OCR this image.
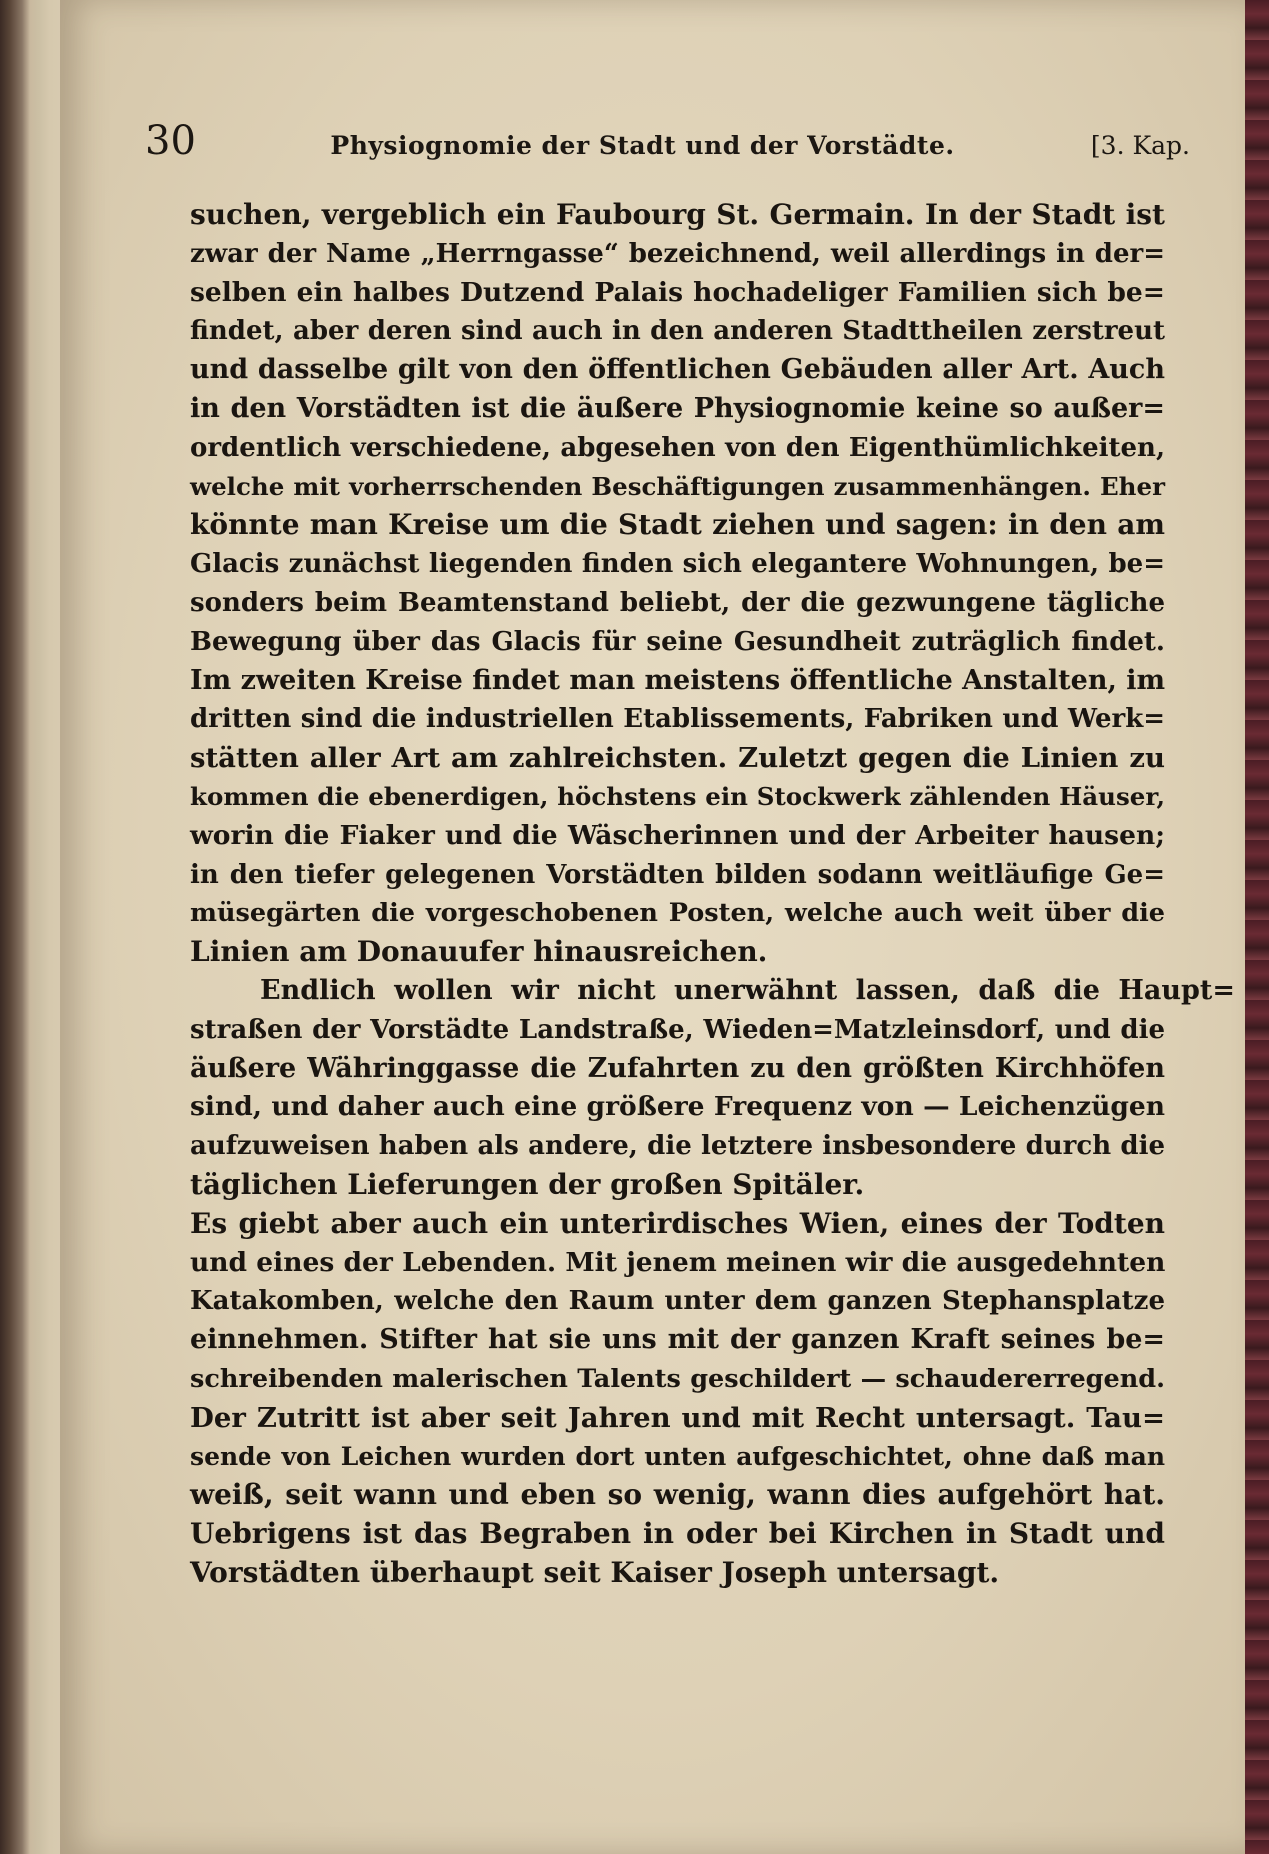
30	Physiognomie der Stadt und der Vorstädte.	[3. Kap.

suchen, vergeblich ein Faubourg St. Germain. In der Stadt ist
zwar der Name „Herrngasse“ bezeichnend, weil allerdings in der=
selben ein halbes Dutzend Palais hochadeliger Familien sich be=
findet, aber deren sind auch in den anderen Stadttheilen zerstreut
und dasselbe gilt von den öffentlichen Gebäuden aller Art. Auch
in den Vorstädten ist die äußere Physiognomie keine so außer=
ordentlich verschiedene, abgesehen von den Eigenthümlichkeiten,
welche mit vorherrschenden Beschäftigungen zusammenhängen. Eher
könnte man Kreise um die Stadt ziehen und sagen: in den am
Glacis zunächst liegenden finden sich elegantere Wohnungen, be=
sonders beim Beamtenstand beliebt, der die gezwungene tägliche
Bewegung über das Glacis für seine Gesundheit zuträglich findet.
Im zweiten Kreise findet man meistens öffentliche Anstalten, im
dritten sind die industriellen Etablissements, Fabriken und Werk=
stätten aller Art am zahlreichsten. Zuletzt gegen die Linien zu
kommen die ebenerdigen, höchstens ein Stockwerk zählenden Häuser,
worin die Fiaker und die Wäscherinnen und der Arbeiter hausen;
in den tiefer gelegenen Vorstädten bilden sodann weitläufige Ge=
müsegärten die vorgeschobenen Posten, welche auch weit über die
Linien am Donauufer hinausreichen.

Endlich wollen wir nicht unerwähnt lassen, daß die Haupt=
straßen der Vorstädte Landstraße, Wieden=Matzleinsdorf, und die
äußere Währinggasse die Zufahrten zu den größten Kirchhöfen
sind, und daher auch eine größere Frequenz von — Leichenzügen
aufzuweisen haben als andere, die letztere insbesondere durch die
täglichen Lieferungen der großen Spitäler.

Es giebt aber auch ein unterirdisches Wien, eines der Todten
und eines der Lebenden. Mit jenem meinen wir die ausgedehnten
Katakomben, welche den Raum unter dem ganzen Stephansplatze
einnehmen. Stifter hat sie uns mit der ganzen Kraft seines be=
schreibenden malerischen Talents geschildert — schaudererregend.
Der Zutritt ist aber seit Jahren und mit Recht untersagt. Tau=
sende von Leichen wurden dort unten aufgeschichtet, ohne daß man
weiß, seit wann und eben so wenig, wann dies aufgehört hat.
Uebrigens ist das Begraben in oder bei Kirchen in Stadt und
Vorstädten überhaupt seit Kaiser Joseph untersagt.
